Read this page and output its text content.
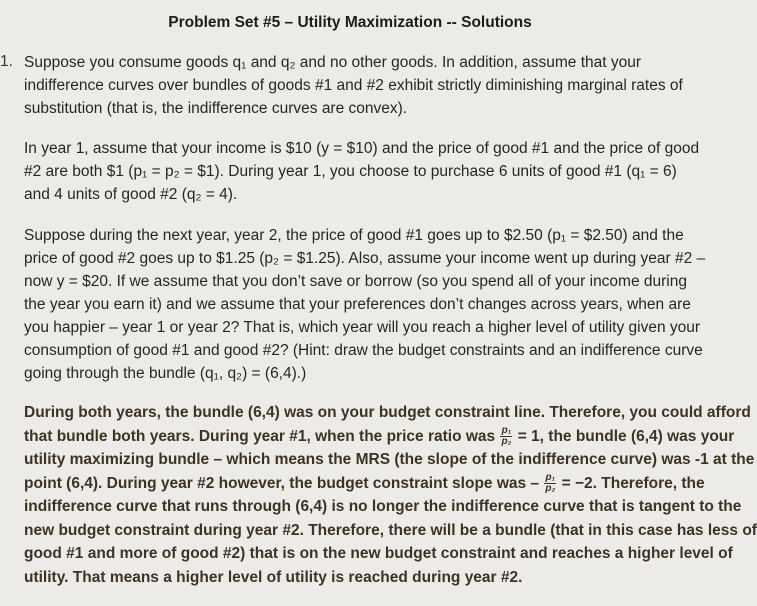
Problem Set #5 – Utility Maximization -- Solutions
1. Suppose you consume goods q₁ and q₂ and no other goods. In addition, assume that your
indifference curves over bundles of goods #1 and #2 exhibit strictly diminishing marginal rates of
substitution (that is, the indifference curves are convex).
In year 1, assume that your income is $10 (y = $10) and the price of good #1 and the price of good
#2 are both $1 (p₁ = p₂ = $1). During year 1, you choose to purchase 6 units of good #1 (q₁ = 6)
and 4 units of good #2 (q₂ = 4).
Suppose during the next year, year 2, the price of good #1 goes up to $2.50 (p₁ = $2.50) and the
price of good #2 goes up to $1.25 (p₂ = $1.25). Also, assume your income went up during year #2 –
now y = $20. If we assume that you don’t save or borrow (so you spend all of your income during
the year you earn it) and we assume that your preferences don’t changes across years, when are
you happier – year 1 or year 2? That is, which year will you reach a higher level of utility given your
consumption of good #1 and good #2? (Hint: draw the budget constraints and an indifference curve
going through the bundle (q₁, q₂) = (6,4).)
During both years, the bundle (6,4) was on your budget constraint line. Therefore, you could afford
that bundle both years. During year #1, when the price ratio was $\frac{\text{p₁}}{\text{p₂}} = 1$, the bundle (6,4) was your
utility maximizing bundle – which means the MRS (the slope of the indifference curve) was -1 at the
point (6,4). During year #2 however, the budget constraint slope was – $\frac{\text{p₁}}{\text{p₂}} = -2$. Therefore, the
indifference curve that runs through (6,4) is no longer the indifference curve that is tangent to the
new budget constraint during year #2. Therefore, there will be a bundle (that in this case has less of
good #1 and more of good #2) that is on the new budget constraint and reaches a higher level of
utility. That means a higher level of utility is reached during year #2.
